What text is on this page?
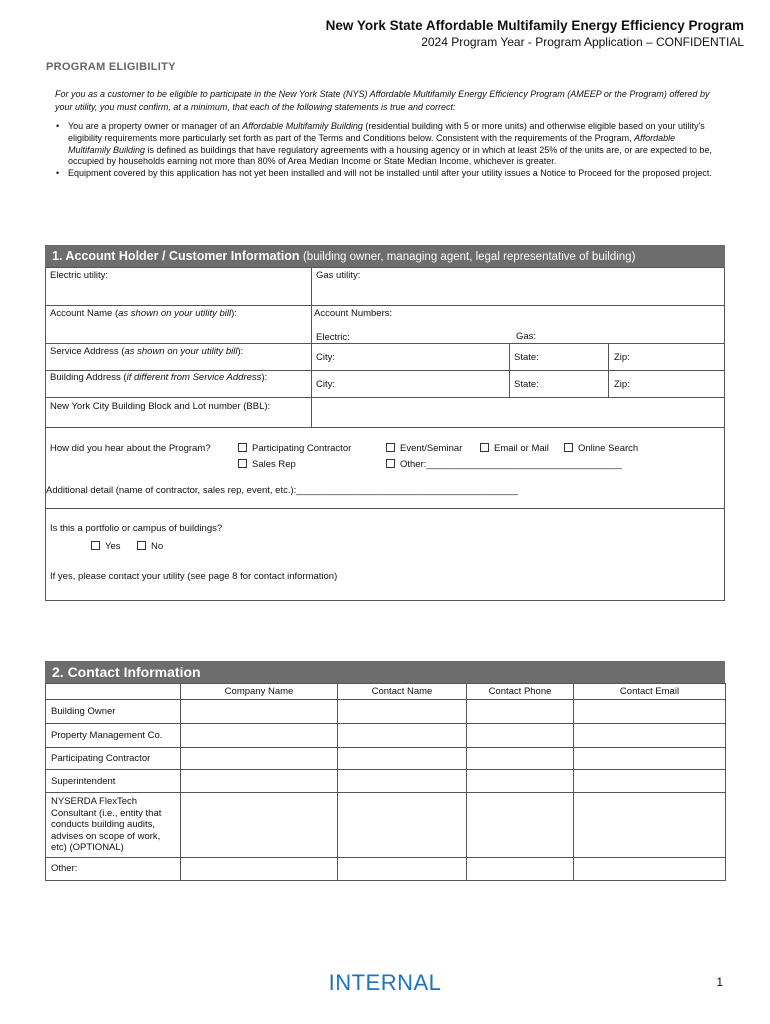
New York State Affordable Multifamily Energy Efficiency Program
2024 Program Year - Program Application – CONFIDENTIAL
PROGRAM ELIGIBILITY
For you as a customer to be eligible to participate in the New York State (NYS) Affordable Multifamily Energy Efficiency Program (AMEEP or the Program) offered by your utility, you must confirm, at a minimum, that each of the following statements is true and correct:
• You are a property owner or manager of an Affordable Multifamily Building (residential building with 5 or more units) and otherwise eligible based on your utility's eligibility requirements more particularly set forth as part of the Terms and Conditions below. Consistent with the requirements of the Program, Affordable Multifamily Building is defined as buildings that have regulatory agreements with a housing agency or in which at least 25% of the units are, or are expected to be, occupied by households earning not more than 80% of Area Median Income or State Median Income, whichever is greater.
• Equipment covered by this application has not yet been installed and will not be installed until after your utility issues a Notice to Proceed for the proposed project.
1. Account Holder / Customer Information (building owner, managing agent, legal representative of building)
Electric utility:	Gas utility:
Account Name (as shown on your utility bill):	Account Numbers:
Electric:	Gas:
Service Address (as shown on your utility bill):
City:	State:	Zip:
Building Address (if different from Service Address):
City:	State:	Zip:
New York City Building Block and Lot number (BBL):
How did you hear about the Program?	Participating Contractor	Event/Seminar	Email or Mail	Online Search
Sales Rep	Other:_____________________________________
Additional detail (name of contractor, sales rep, event, etc.):__________________________________________
Is this a portfolio or campus of buildings?
Yes	No
If yes, please contact your utility (see page 8 for contact information)
2. Contact Information
	Company Name	Contact Name	Contact Phone	Contact Email
Building Owner				
Property Management Co.				
Participating Contractor				
Superintendent				
NYSERDA FlexTech Consultant (i.e., entity that conducts building audits, advises on scope of work, etc) (OPTIONAL)				
Other:				
INTERNAL	1
